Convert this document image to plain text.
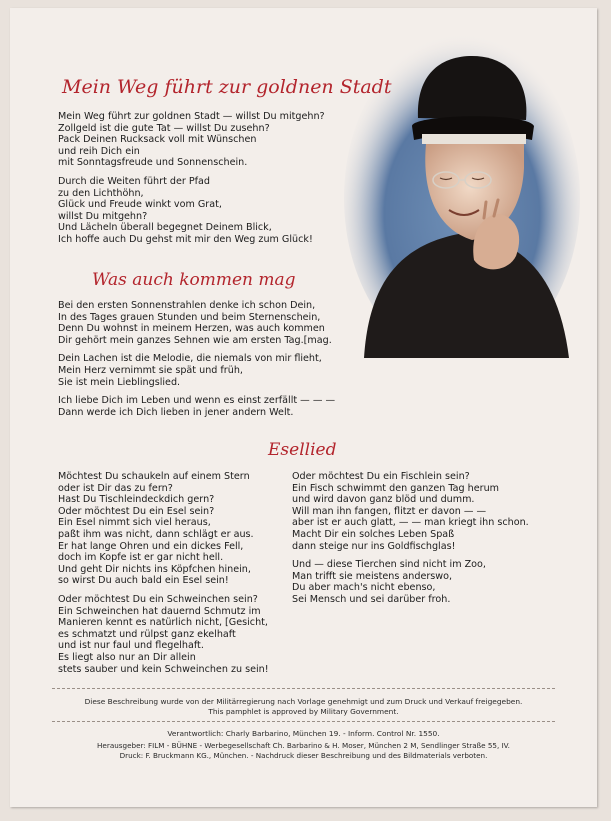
Mein Weg führt zur goldnen Stadt
Mein Weg führt zur goldnen Stadt — willst Du mitgehn?
Zollgeld ist die gute Tat — willst Du zusehn?
Pack Deinen Rucksack voll mit Wünschen
und reih Dich ein
mit Sonntagsfreude und Sonnenschein.
Durch die Weiten führt der Pfad
zu den Lichthöhn,
Glück und Freude winkt vom Grat,
willst Du mitgehn?
Und Lächeln überall begegnet Deinem Blick,
Ich hoffe auch Du gehst mit mir den Weg zum Glück!
Was auch kommen mag
Bei den ersten Sonnenstrahlen denke ich schon Dein,
In des Tages grauen Stunden und beim Sternenschein,
Denn Du wohnst in meinem Herzen, was auch kommen
Dir gehört mein ganzes Sehnen wie am ersten Tag.[mag.
Dein Lachen ist die Melodie, die niemals von mir flieht,
Mein Herz vernimmt sie spät und früh,
Sie ist mein Lieblingslied.
Ich liebe Dich im Leben und wenn es einst zerfällt — — —
Dann werde ich Dich lieben in jener andern Welt.
Esellied
Möchtest Du schaukeln auf einem Stern
oder ist Dir das zu fern?
Hast Du Tischleindeckdich gern?
Oder möchtest Du ein Esel sein?
Ein Esel nimmt sich viel heraus,
paßt ihm was nicht, dann schlägt er aus.
Er hat lange Ohren und ein dickes Fell,
doch im Kopfe ist er gar nicht hell.
Und geht Dir nichts ins Köpfchen hinein,
so wirst Du auch bald ein Esel sein!
Oder möchtest Du ein Schweinchen sein?
Ein Schweinchen hat dauernd Schmutz im
Manieren kennt es natürlich nicht, [Gesicht,
es schmatzt und rülpst ganz ekelhaft
und ist nur faul und flegelhaft.
Es liegt also nur an Dir allein
stets sauber und kein Schweinchen zu sein!
Oder möchtest Du ein Fischlein sein?
Ein Fisch schwimmt den ganzen Tag herum
und wird davon ganz blöd und dumm.
Will man ihn fangen, flitzt er davon — —
aber ist er auch glatt, — — man kriegt ihn schon.
Macht Dir ein solches Leben Spaß
dann steige nur ins Goldfischglas!
Und — diese Tierchen sind nicht im Zoo,
Man trifft sie meistens anderswo,
Du aber mach's nicht ebenso,
Sei Mensch und sei darüber froh.
Diese Beschreibung wurde von der Militärregierung nach Vorlage genehmigt und zum Druck und Verkauf freigegeben.
This pamphlet is approved by Military Government.
Verantwortlich: Charly Barbarino, München 19. - Inform. Control Nr. 1550.
Herausgeber: FILM - BÜHNE - Werbegesellschaft Ch. Barbarino & H. Moser, München 2 M, Sendlinger Straße 55, IV.
Druck: F. Bruckmann KG., München. - Nachdruck dieser Beschreibung und des Bildmaterials verboten.
